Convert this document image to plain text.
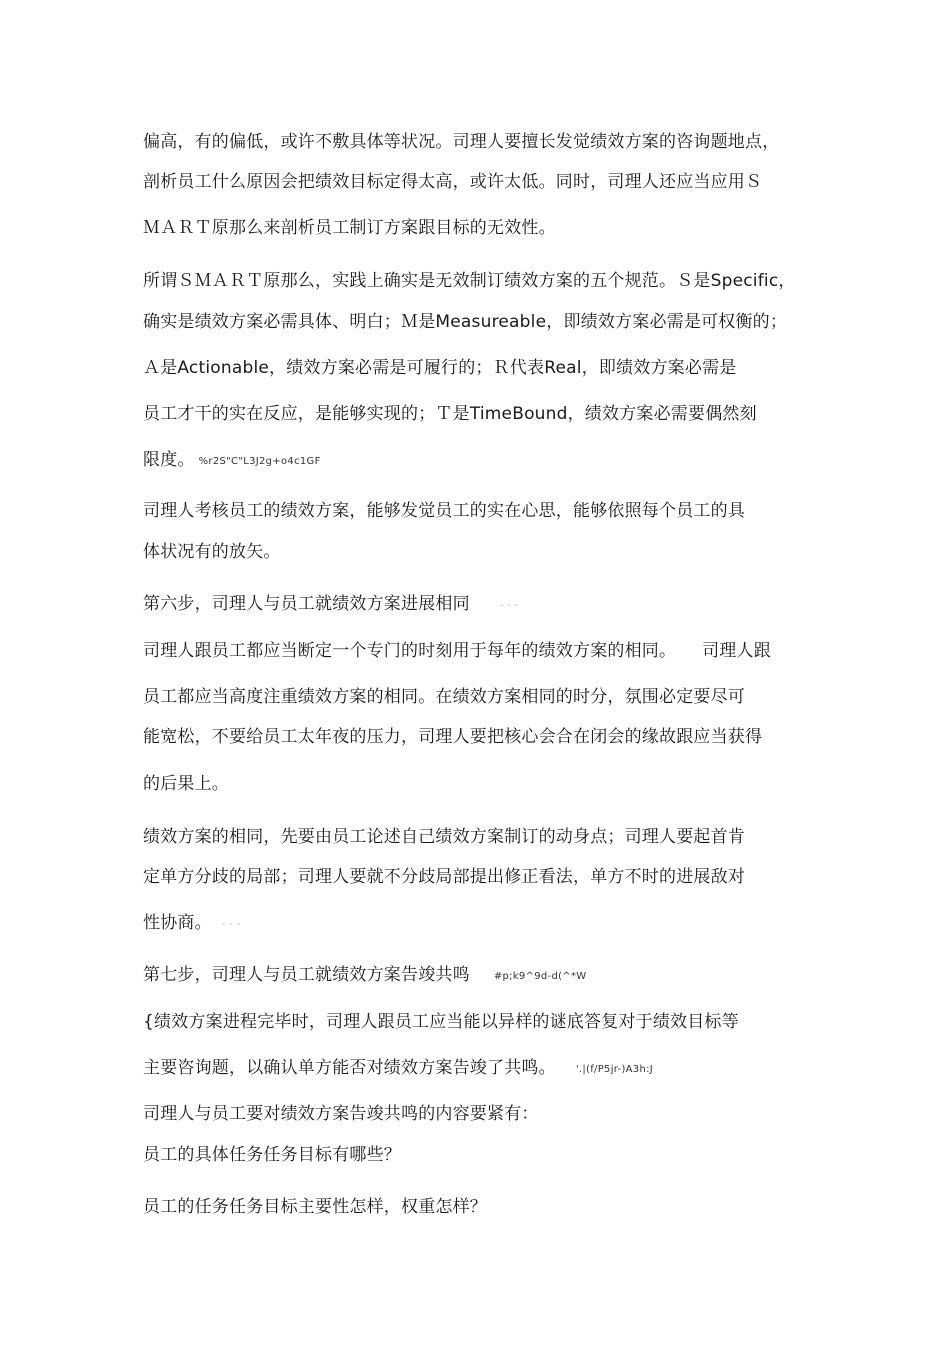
偏高，有的偏低，或许不敷具体等状况。司理人要擅长发觉绩效方案的咨询题地点，
剖析员工什么原因会把绩效目标定得太高，或许太低。同时，司理人还应当应用Ｓ
ＭＡＲＴ原那么来剖析员工制订方案跟目标的无效性。
所谓ＳＭＡＲＴ原那么，实践上确实是无效制订绩效方案的五个规范。Ｓ是Specific，
确实是绩效方案必需具体、明白；Ｍ是Measureable，即绩效方案必需是可权衡的；
Ａ是Actionable，绩效方案必需是可履行的；Ｒ代表Real，即绩效方案必需是
员工才干的实在反应，是能够实现的；Ｔ是TimeBound，绩效方案必需要偶然刻
限度。 %r2S"C"L3J2g+o4c1GF
司理人考核员工的绩效方案，能够发觉员工的实在心思，能够依照每个员工的具
体状况有的放矢。
第六步，司理人与员工就绩效方案进展相同	- - -
司理人跟员工都应当断定一个专门的时刻用于每年的绩效方案的相同。　　司理人跟
员工都应当高度注重绩效方案的相同。在绩效方案相同的时分，氛围必定要尽可
能宽松，不要给员工太年夜的压力，司理人要把核心会合在闭会的缘故跟应当获得
的后果上。
绩效方案的相同，先要由员工论述自己绩效方案制订的动身点；司理人要起首肯
定单方分歧的局部；司理人要就不分歧局部提出修正看法，单方不时的进展敌对
性协商。 - - -
第七步，司理人与员工就绩效方案告竣共鸣 #p;k9^9d-d(^*W
{绩效方案进程完毕时，司理人跟员工应当能以异样的谜底答复对于绩效目标等
主要咨询题，以确认单方能否对绩效方案告竣了共鸣。 '.|(f/P5jr-)A3h:J
司理人与员工要对绩效方案告竣共鸣的内容要紧有：
员工的具体任务任务目标有哪些？
员工的任务任务目标主要性怎样，权重怎样？
